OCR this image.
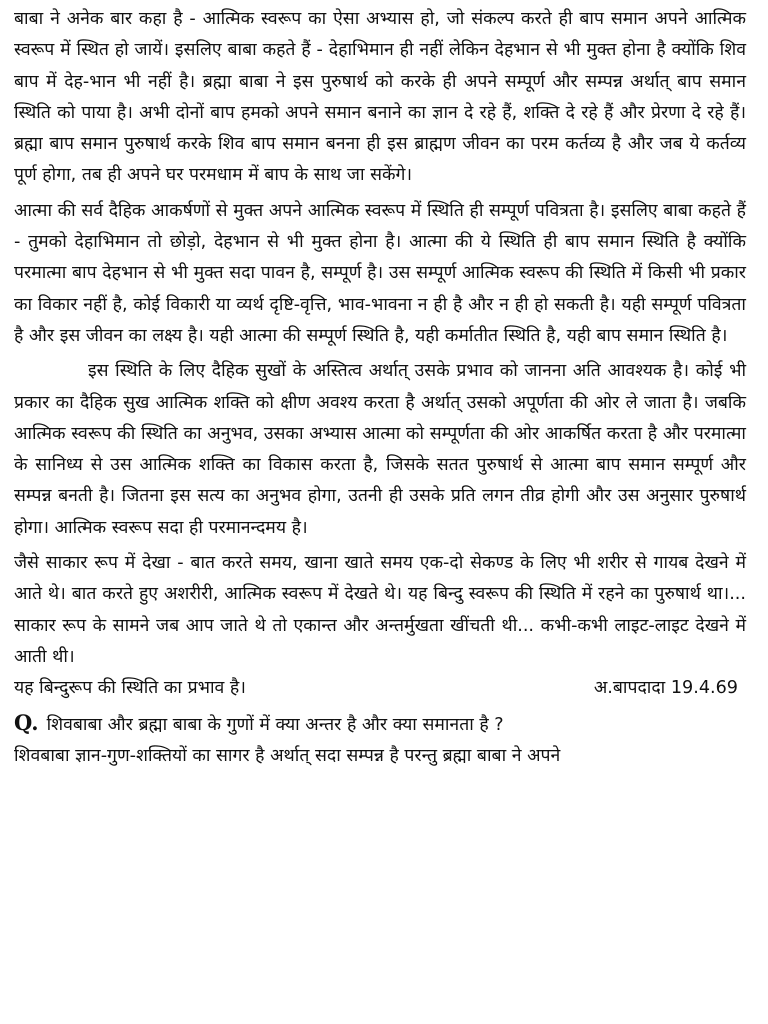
बाबा ने अनेक बार कहा है - आत्मिक स्वरूप का ऐसा अभ्यास हो, जो संकल्प करते ही बाप समान अपने आत्मिक स्वरूप में स्थित हो जायें। इसलिए बाबा कहते हैं - देहाभिमान ही नहीं लेकिन देहभान से भी मुक्त होना है क्योंकि शिव बाप में देह-भान भी नहीं है। ब्रह्मा बाबा ने इस पुरुषार्थ को करके ही अपने सम्पूर्ण और सम्पन्न अर्थात् बाप समान स्थिति को पाया है। अभी दोनों बाप हमको अपने समान बनाने का ज्ञान दे रहे हैं, शक्ति दे रहे हैं और प्रेरणा दे रहे हैं। ब्रह्मा बाप समान पुरुषार्थ करके शिव बाप समान बनना ही इस ब्राह्मण जीवन का परम कर्तव्य है और जब ये कर्तव्य पूर्ण होगा, तब ही अपने घर परमधाम में बाप के साथ जा सकेंगे।

आत्मा की सर्व दैहिक आकर्षणों से मुक्त अपने आत्मिक स्वरूप में स्थिति ही सम्पूर्ण पवित्रता है। इसलिए बाबा कहते हैं - तुमको देहाभिमान तो छोड़ो, देहभान से भी मुक्त होना है। आत्मा की ये स्थिति ही बाप समान स्थिति है क्योंकि परमात्मा बाप देहभान से भी मुक्त सदा पावन है, सम्पूर्ण है। उस सम्पूर्ण आत्मिक स्वरूप की स्थिति में किसी भी प्रकार का विकार नहीं है, कोई विकारी या व्यर्थ दृष्टि-वृत्ति, भाव-भावना न ही है और न ही हो सकती है। यही सम्पूर्ण पवित्रता है और इस जीवन का लक्ष्य है। यही आत्मा की सम्पूर्ण स्थिति है, यही कर्मातीत स्थिति है, यही बाप समान स्थिति है।

इस स्थिति के लिए दैहिक सुखों के अस्तित्व अर्थात् उसके प्रभाव को जानना अति आवश्यक है। कोई भी प्रकार का दैहिक सुख आत्मिक शक्ति को क्षीण अवश्य करता है अर्थात् उसको अपूर्णता की ओर ले जाता है। जबकि आत्मिक स्वरूप की स्थिति का अनुभव, उसका अभ्यास आत्मा को सम्पूर्णता की ओर आकर्षित करता है और परमात्मा के सानिध्य से उस आत्मिक शक्ति का विकास करता है, जिसके सतत पुरुषार्थ से आत्मा बाप समान सम्पूर्ण और सम्पन्न बनती है। जितना इस सत्य का अनुभव होगा, उतनी ही उसके प्रति लगन तीव्र होगी और उस अनुसार पुरुषार्थ होगा। आत्मिक स्वरूप सदा ही परमानन्दमय है।

जैसे साकार रूप में देखा - बात करते समय, खाना खाते समय एक-दो सेकण्ड के लिए भी शरीर से गायब देखने में आते थे। बात करते हुए अशरीरी, आत्मिक स्वरूप में देखते थे। यह बिन्दु स्वरूप की स्थिति में रहने का पुरुषार्थ था।... साकार रूप के सामने जब आप जाते थे तो एकान्त और अन्तर्मुखता खींचती थी... कभी-कभी लाइट-लाइट देखने में आती थी।
यह बिन्दुरूप की स्थिति का प्रभाव है।	अ.बापदादा 19.4.69
Q. शिवबाबा और ब्रह्मा बाबा के गुणों में क्या अन्तर है और क्या समानता है ?
शिवबाबा ज्ञान-गुण-शक्तियों का सागर है अर्थात् सदा सम्पन्न है परन्तु ब्रह्मा बाबा ने अपने
